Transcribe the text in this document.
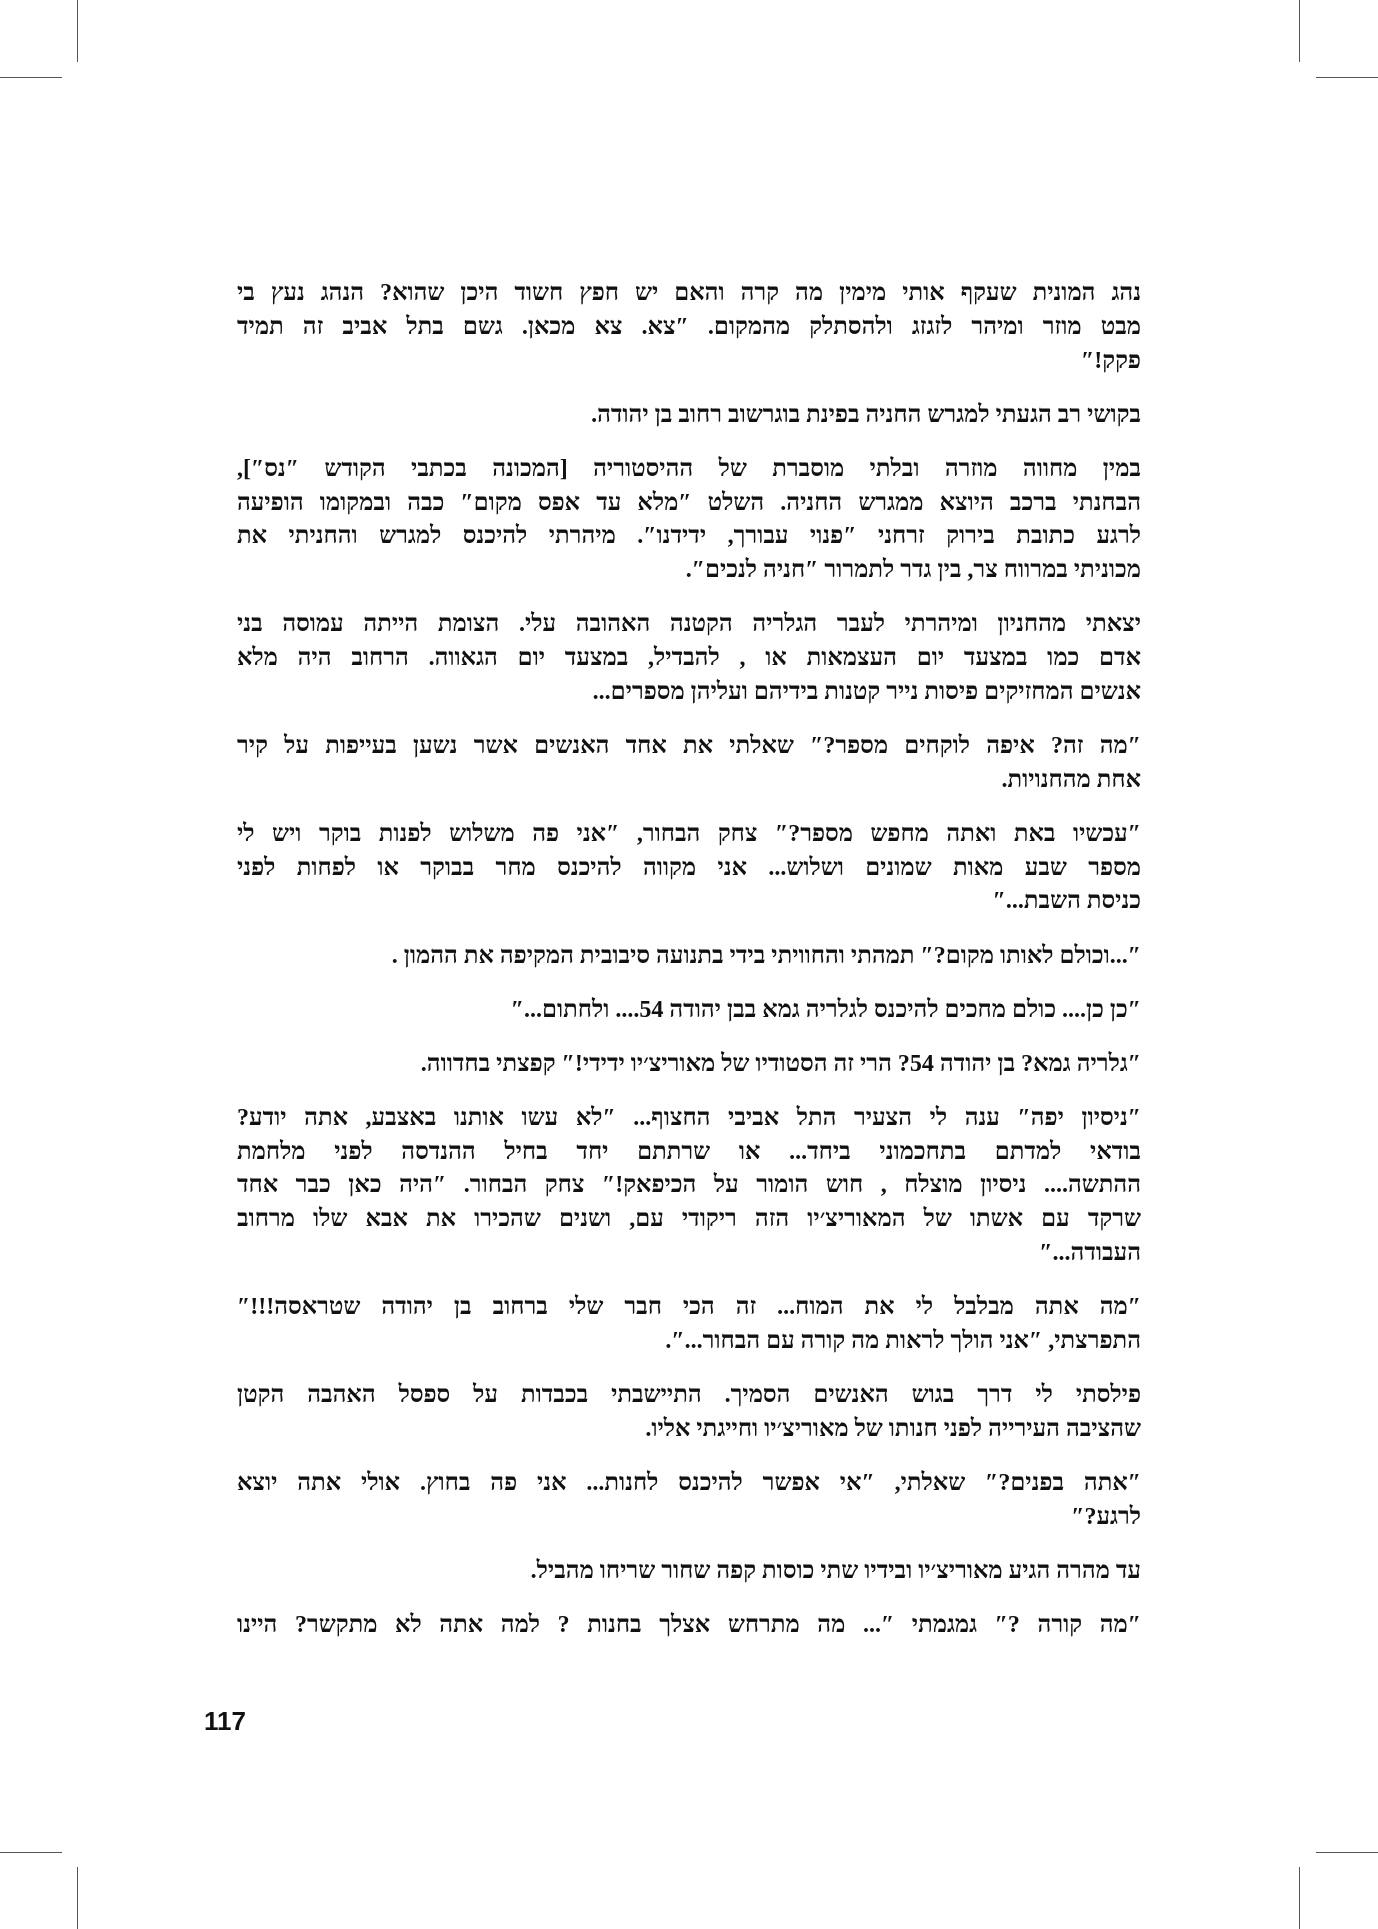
נהג המונית שעקף אותי מימין מה קרה והאם יש חפץ חשוד היכן שהוא? הנהג נעץ בי
מבט מוזר ומיהר לזגזג ולהסתלק מהמקום. ″צא. צא מכאן. גשם בתל אביב זה תמיד
פקק!″
בקושי רב הגעתי למגרש החניה בפינת בוגרשוב רחוב בן יהודה.
במין מחווה מוזרה ובלתי מוסברת של ההיסטוריה [המכונה בכתבי הקודש ″נס″],
הבחנתי ברכב היוצא ממגרש החניה. השלט ″מלא עד אפס מקום″ כבה ובמקומו הופיעה
לרגע כתובת בירוק זרחני ″פנוי עבורך, ידידנו″. מיהרתי להיכנס למגרש והחניתי את
מכוניתי במרווח צר, בין גדר לתמרור ″חניה לנכים″.
יצאתי מהחניון ומיהרתי לעבר הגלריה הקטנה האהובה עלי. הצומת הייתה עמוסה בני
אדם כמו במצעד יום העצמאות או , להבדיל, במצעד יום הגאווה. הרחוב היה מלא
אנשים המחזיקים פיסות נייר קטנות בידיהם ועליהן מספרים...
″מה זה? איפה לוקחים מספר?″ שאלתי את אחד האנשים אשר נשען בעייפות על קיר
אחת מהחנויות.
″עכשיו באת ואתה מחפש מספר?″ צחק הבחור, ″אני פה משלוש לפנות בוקר ויש לי
מספר שבע מאות שמונים ושלוש... אני מקווה להיכנס מחר בבוקר או לפחות לפני
כניסת השבת...″
″...וכולם לאותו מקום?″ תמהתי והחוויתי בידי בתנועה סיבובית המקיפה את ההמון .
″כן כן.... כולם מחכים להיכנס לגלריה גמא בבן יהודה 54.... ולחתום...″
″גלריה גמא? בן יהודה 54? הרי זה הסטודיו של מאוריצ׳יו ידידי!″ קפצתי בחדווה.
″ניסיון יפה″ ענה לי הצעיר התל אביבי החצוף... ″לא עשו אותנו באצבע, אתה יודע?
בודאי למדתם בתחכמוני ביחד... או שרתתם יחד בחיל ההנדסה לפני מלחמת
ההתשה.... ניסיון מוצלח , חוש הומור על הכיפאק!″ צחק הבחור. ″היה כאן כבר אחד
שרקד עם אשתו של המאוריצ׳יו הזה ריקודי עם, ושנים שהכירו את אבא שלו מרחוב
העבודה...″
″מה אתה מבלבל לי את המוח... זה הכי חבר שלי ברחוב בן יהודה שטראסה!!!″
התפרצתי, ″אני הולך לראות מה קורה עם הבחור...″.
פילסתי לי דרך בגוש האנשים הסמיך. התיישבתי בכבדות על ספסל האהבה הקטן
שהציבה העירייה לפני חנותו של מאוריצ׳יו וחייגתי אליו.
″אתה בפנים?″ שאלתי, ″אי אפשר להיכנס לחנות... אני פה בחוץ. אולי אתה יוצא
לרגע?″
עד מהרה הגיע מאוריצ׳יו ובידיו שתי כוסות קפה שחור שריחו מהביל.
″מה קורה ?″ גמגמתי ″... מה מתרחש אצלך בחנות ? למה אתה לא מתקשר? היינו
117
